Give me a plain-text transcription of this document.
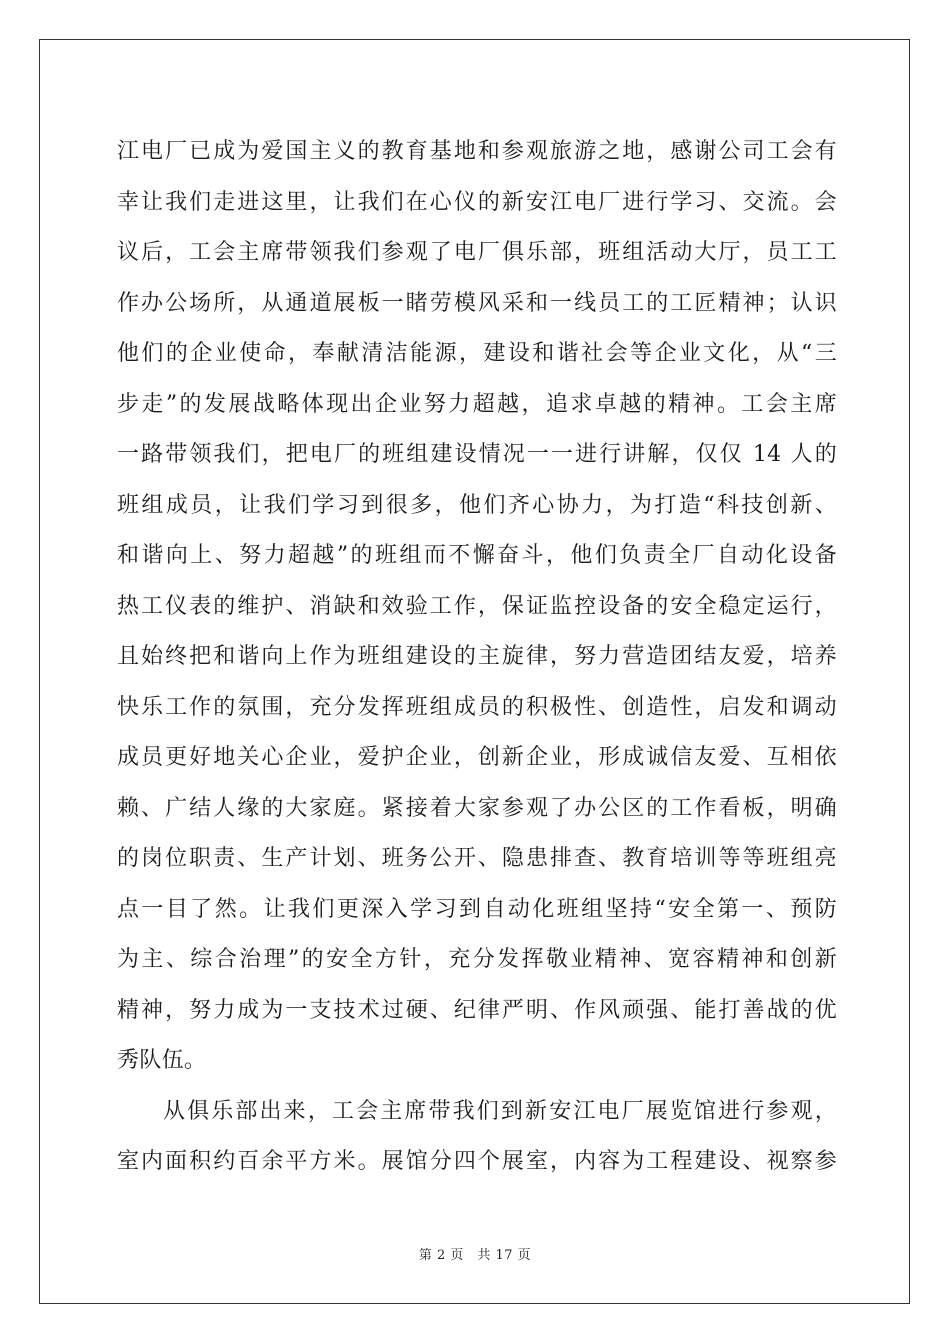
江电厂已成为爱国主义的教育基地和参观旅游之地，感谢公司工会有
幸让我们走进这里，让我们在心仪的新安江电厂进行学习、交流。会
议后，工会主席带领我们参观了电厂俱乐部，班组活动大厅，员工工
作办公场所，从通道展板一睹劳模风采和一线员工的工匠精神；认识
他们的企业使命，奉献清洁能源，建设和谐社会等企业文化，从“三
步走”的发展战略体现出企业努力超越，追求卓越的精神。工会主席
一路带领我们，把电厂的班组建设情况一一进行讲解，仅仅 14 人的
班组成员，让我们学习到很多，他们齐心协力，为打造“科技创新、
和谐向上、努力超越”的班组而不懈奋斗，他们负责全厂自动化设备
热工仪表的维护、消缺和效验工作，保证监控设备的安全稳定运行，
且始终把和谐向上作为班组建设的主旋律，努力营造团结友爱，培养
快乐工作的氛围，充分发挥班组成员的积极性、创造性，启发和调动
成员更好地关心企业，爱护企业，创新企业，形成诚信友爱、互相依
赖、广结人缘的大家庭。紧接着大家参观了办公区的工作看板，明确
的岗位职责、生产计划、班务公开、隐患排查、教育培训等等班组亮
点一目了然。让我们更深入学习到自动化班组坚持“安全第一、预防
为主、综合治理”的安全方针，充分发挥敬业精神、宽容精神和创新
精神，努力成为一支技术过硬、纪律严明、作风顽强、能打善战的优
秀队伍。
从俱乐部出来，工会主席带我们到新安江电厂展览馆进行参观，
室内面积约百余平方米。展馆分四个展室，内容为工程建设、视察参
第 2 页　共 17 页
